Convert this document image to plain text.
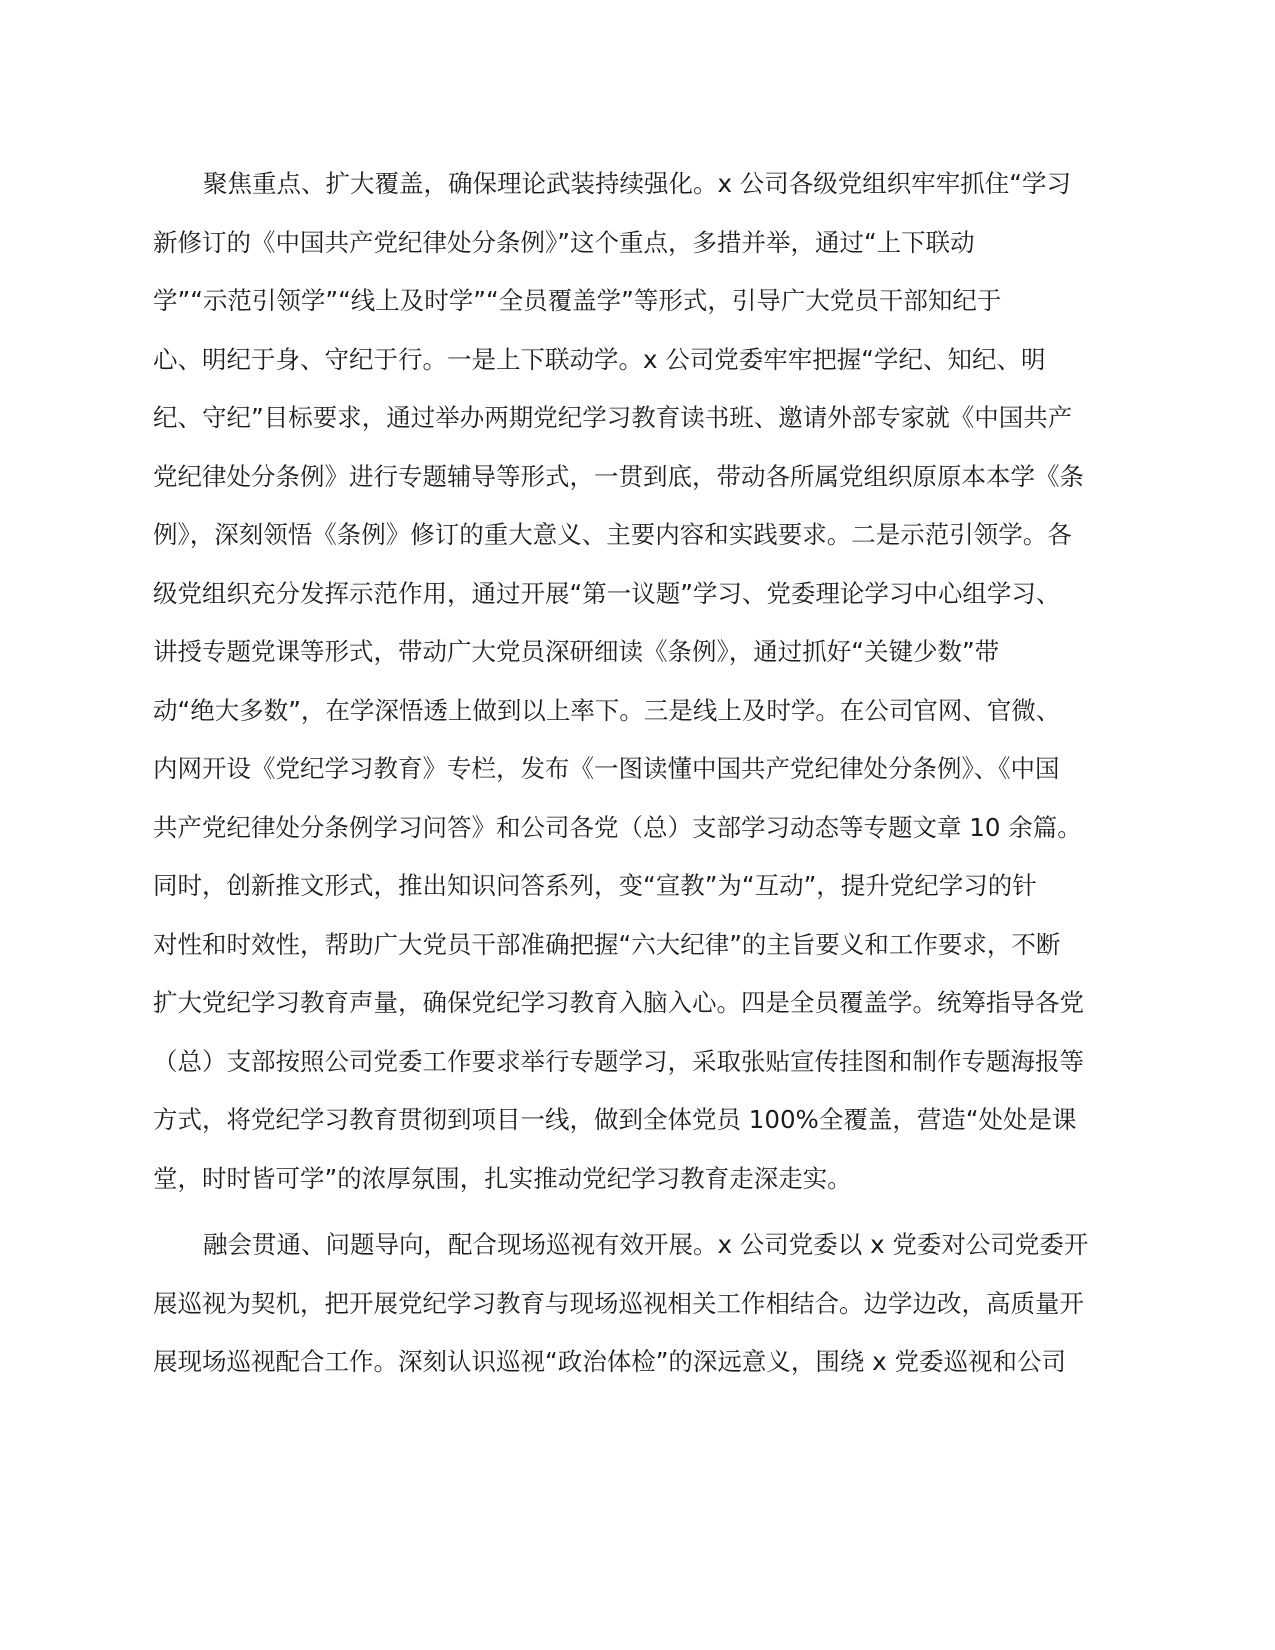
聚焦重点、扩大覆盖，确保理论武装持续强化。x 公司各级党组织牢牢抓住“学习
新修订的《中国共产党纪律处分条例》”这个重点，多措并举，通过“上下联动
学”“示范引领学”“线上及时学”“全员覆盖学”等形式，引导广大党员干部知纪于
心、明纪于身、守纪于行。一是上下联动学。x 公司党委牢牢把握“学纪、知纪、明
纪、守纪”目标要求，通过举办两期党纪学习教育读书班、邀请外部专家就《中国共产
党纪律处分条例》进行专题辅导等形式，一贯到底，带动各所属党组织原原本本学《条
例》，深刻领悟《条例》修订的重大意义、主要内容和实践要求。二是示范引领学。各
级党组织充分发挥示范作用，通过开展“第一议题”学习、党委理论学习中心组学习、
讲授专题党课等形式，带动广大党员深研细读《条例》，通过抓好“关键少数”带
动“绝大多数”，在学深悟透上做到以上率下。三是线上及时学。在公司官网、官微、
内网开设《党纪学习教育》专栏，发布《一图读懂中国共产党纪律处分条例》、《中国
共产党纪律处分条例学习问答》和公司各党（总）支部学习动态等专题文章 10 余篇。
同时，创新推文形式，推出知识问答系列，变“宣教”为“互动”，提升党纪学习的针
对性和时效性，帮助广大党员干部准确把握“六大纪律”的主旨要义和工作要求，不断
扩大党纪学习教育声量，确保党纪学习教育入脑入心。四是全员覆盖学。统筹指导各党
（总）支部按照公司党委工作要求举行专题学习，采取张贴宣传挂图和制作专题海报等
方式，将党纪学习教育贯彻到项目一线，做到全体党员 100%全覆盖，营造“处处是课
堂，时时皆可学”的浓厚氛围，扎实推动党纪学习教育走深走实。
融会贯通、问题导向，配合现场巡视有效开展。x 公司党委以 x 党委对公司党委开
展巡视为契机，把开展党纪学习教育与现场巡视相关工作相结合。边学边改，高质量开
展现场巡视配合工作。深刻认识巡视“政治体检”的深远意义，围绕 x 党委巡视和公司
